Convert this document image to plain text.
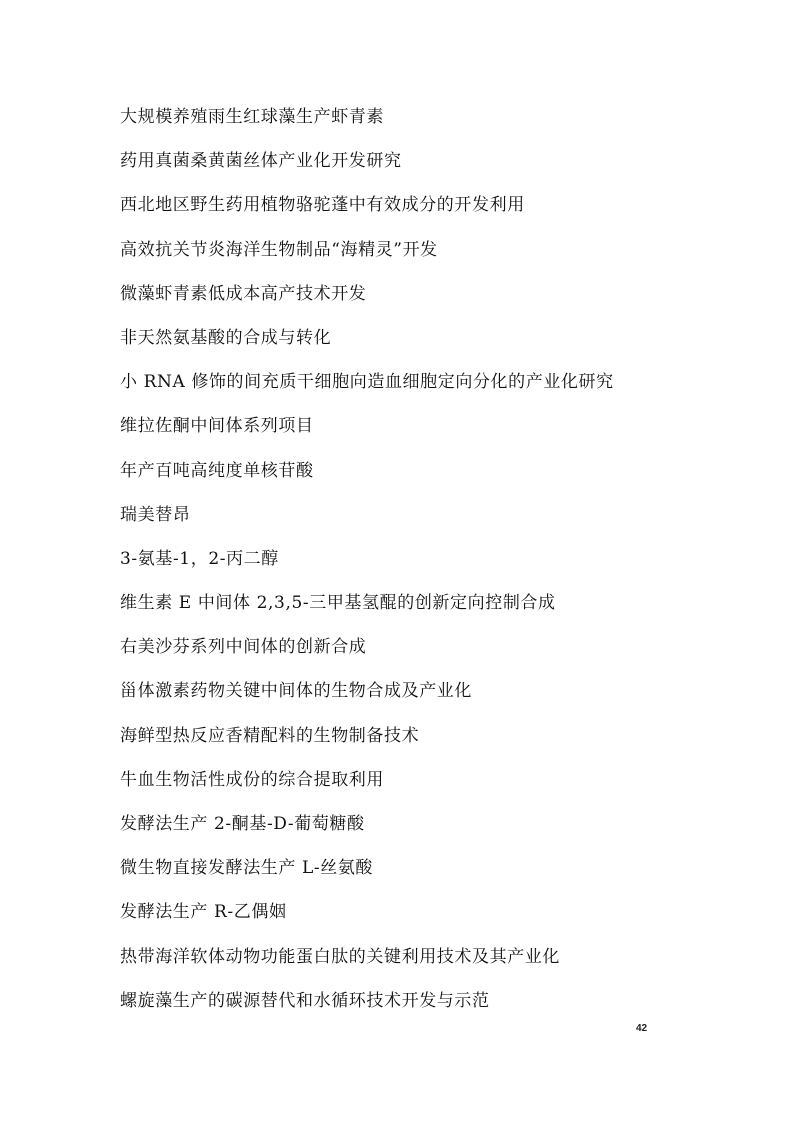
大规模养殖雨生红球藻生产虾青素
药用真菌桑黄菌丝体产业化开发研究
西北地区野生药用植物骆驼蓬中有效成分的开发利用
高效抗关节炎海洋生物制品“海精灵”开发
微藻虾青素低成本高产技术开发
非天然氨基酸的合成与转化
小 RNA 修饰的间充质干细胞向造血细胞定向分化的产业化研究
维拉佐酮中间体系列项目
年产百吨高纯度单核苷酸
瑞美替昂
3-氨基-1，2-丙二醇
维生素 E 中间体 2,3,5-三甲基氢醌的创新定向控制合成
右美沙芬系列中间体的创新合成
甾体激素药物关键中间体的生物合成及产业化
海鲜型热反应香精配料的生物制备技术
牛血生物活性成份的综合提取利用
发酵法生产 2-酮基-D-葡萄糖酸
微生物直接发酵法生产 L-丝氨酸
发酵法生产 R-乙偶姻
热带海洋软体动物功能蛋白肽的关键利用技术及其产业化
螺旋藻生产的碳源替代和水循环技术开发与示范
42
